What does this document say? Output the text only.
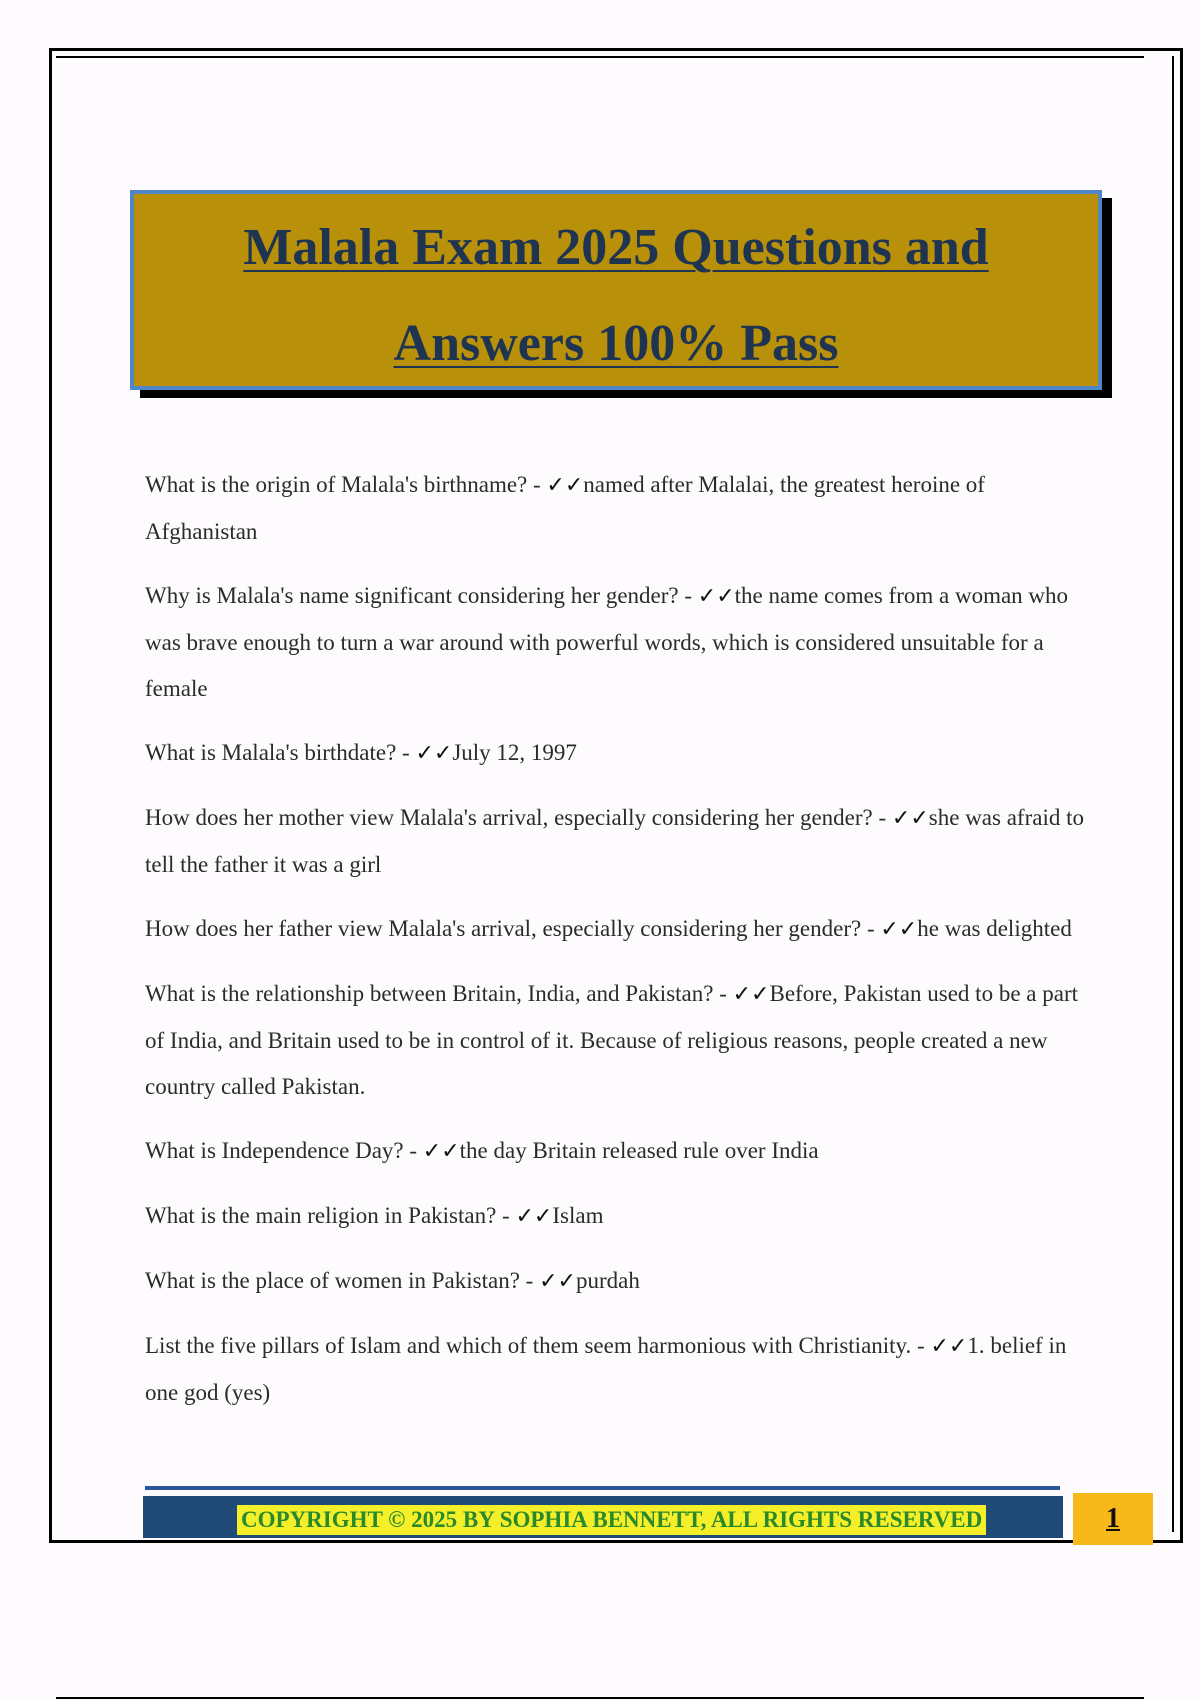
Malala Exam 2025 Questions and
Answers 100% Pass

What is the origin of Malala's birthname? - ✓✓named after Malalai, the greatest heroine of Afghanistan

Why is Malala's name significant considering her gender? - ✓✓the name comes from a woman who was brave enough to turn a war around with powerful words, which is considered unsuitable for a female

What is Malala's birthdate? - ✓✓July 12, 1997

How does her mother view Malala's arrival, especially considering her gender? - ✓✓she was afraid to tell the father it was a girl

How does her father view Malala's arrival, especially considering her gender? - ✓✓he was delighted

What is the relationship between Britain, India, and Pakistan? - ✓✓Before, Pakistan used to be a part of India, and Britain used to be in control of it. Because of religious reasons, people created a new country called Pakistan.

What is Independence Day? - ✓✓the day Britain released rule over India

What is the main religion in Pakistan? - ✓✓Islam

What is the place of women in Pakistan? - ✓✓purdah

List the five pillars of Islam and which of them seem harmonious with Christianity. - ✓✓1. belief in one god (yes)

COPYRIGHT © 2025 BY SOPHIA BENNETT, ALL RIGHTS RESERVED	1
